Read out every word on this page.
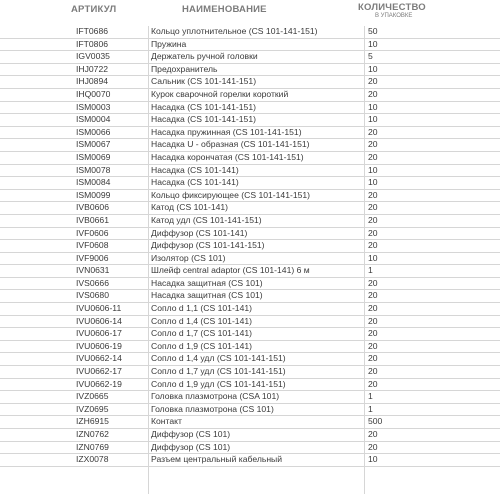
АРТИКУЛ	НАИМЕНОВАНИЕ	КОЛИЧЕСТВО
В УПАКОВКЕ
IFT0686	Кольцо уплотнительное (CS 101-141-151)	50
IFT0806	Пружина	10
IGV0035	Держатель ручной головки	5
IHJ0722	Предохранитель	10
IHJ0894	Сальник (CS 101-141-151)	20
IHQ0070	Курок сварочной горелки короткий	20
ISM0003	Насадка (CS 101-141-151)	10
ISM0004	Насадка (CS 101-141-151)	10
ISM0066	Насадка пружинная (CS 101-141-151)	20
ISM0067	Насадка U - образная (CS 101-141-151)	20
ISM0069	Насадка корончатая (CS 101-141-151)	20
ISM0078	Насадка (CS 101-141)	10
ISM0084	Насадка (CS 101-141)	10
ISM0099	Кольцо фиксирующее (CS 101-141-151)	20
IVB0606	Катод (CS 101-141)	20
IVB0661	Катод удл (CS 101-141-151)	20
IVF0606	Диффузор (CS 101-141)	20
IVF0608	Диффузор (CS 101-141-151)	20
IVF9006	Изолятор (CS 101)	10
IVN0631	Шлейф central adaptor (CS 101-141) 6 м	1
IVS0666	Насадка защитная (CS 101)	20
IVS0680	Насадка защитная (CS 101)	20
IVU0606-11	Сопло d 1,1 (CS 101-141)	20
IVU0606-14	Сопло d 1,4 (CS 101-141)	20
IVU0606-17	Сопло d 1,7 (CS 101-141)	20
IVU0606-19	Сопло d 1,9 (CS 101-141)	20
IVU0662-14	Сопло d 1,4 удл (CS 101-141-151)	20
IVU0662-17	Сопло d 1,7 удл (CS 101-141-151)	20
IVU0662-19	Сопло d 1,9 удл (CS 101-141-151)	20
IVZ0665	Головка плазмотрона (CSA 101)	1
IVZ0695	Головка плазмотрона (CS 101)	1
IZH6915	Контакт	500
IZN0762	Диффузор (CS 101)	20
IZN0769	Диффузор (CS 101)	20
IZX0078	Разъем центральный кабельный	10
